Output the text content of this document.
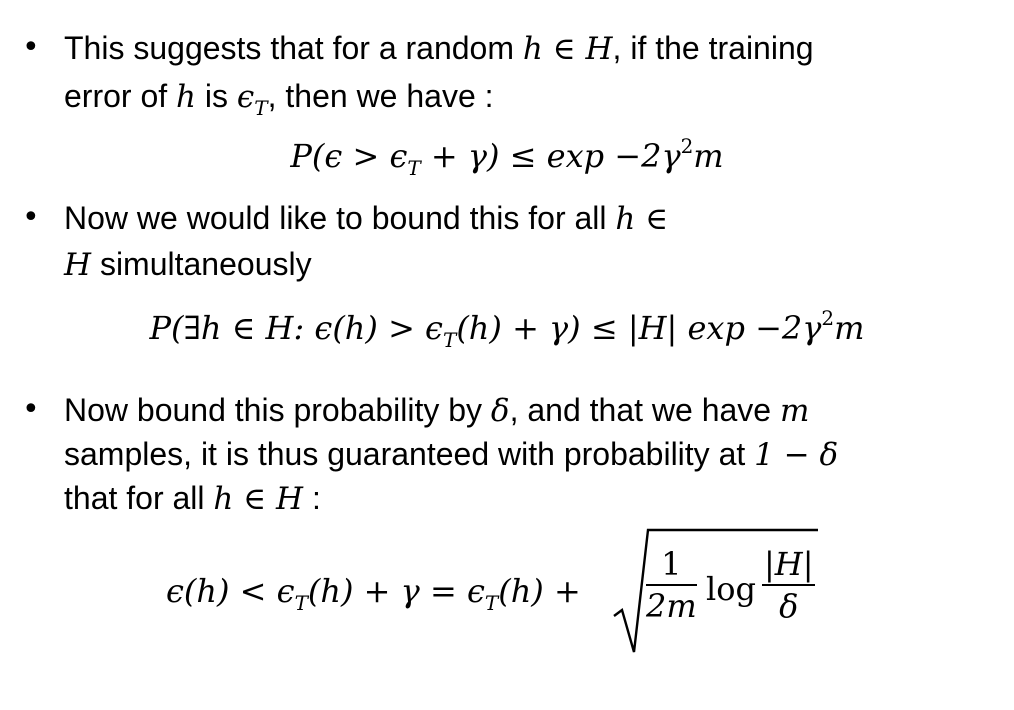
• This suggests that for a random h ∈ H, if the training
error of h is $\epsilon_T$, then we have :
$P(\epsilon > \epsilon_T + \gamma) \le \exp -2\gamma^2m$
• Now we would like to bound this for all h ∈
H simultaneously
P(∃h ∈ H: $\epsilon(h) > \epsilon_T(h) + \gamma) \le |H|$ $\exp -2\gamma^2m$
• Now bound this probability by δ, and that we have m
samples, it is thus guaranteed with probability at 1 − δ
that for all h ∈ H :
$\epsilon(h) < \epsilon_T(h) + \gamma = \epsilon_T(h) + \frac{1}{2m}$ $\log \frac{|H|}{\delta}$
